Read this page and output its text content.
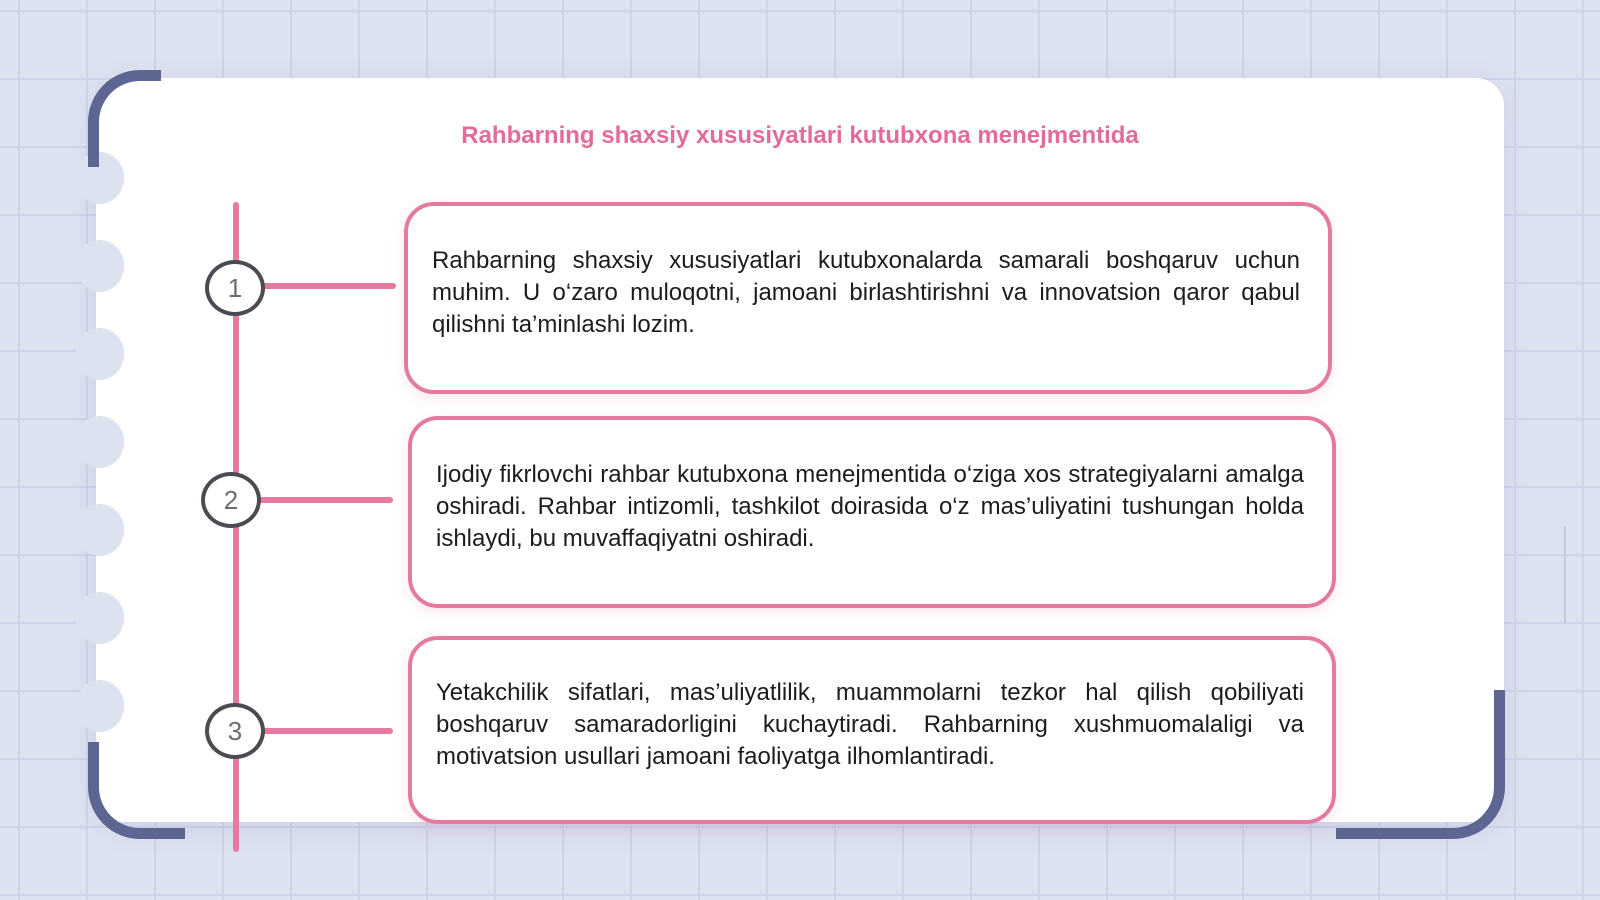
Rahbarning shaxsiy xususiyatlari kutubxona menejmentida
1
Rahbarning shaxsiy xususiyatlari kutubxonalarda samarali boshqaruv uchun muhim. U o‘zaro muloqotni, jamoani birlashtirishni va innovatsion qaror qabul qilishni ta’minlashi lozim.
2
Ijodiy fikrlovchi rahbar kutubxona menejmentida o‘ziga xos strategiyalarni amalga oshiradi. Rahbar intizomli, tashkilot doirasida o‘z mas’uliyatini tushungan holda ishlaydi, bu muvaffaqiyatni oshiradi.
3
Yetakchilik sifatlari, mas’uliyatlilik, muammolarni tezkor hal qilish qobiliyati boshqaruv samaradorligini kuchaytiradi. Rahbarning xushmuomalaligi va motivatsion usullari jamoani faoliyatga ilhomlantiradi.
